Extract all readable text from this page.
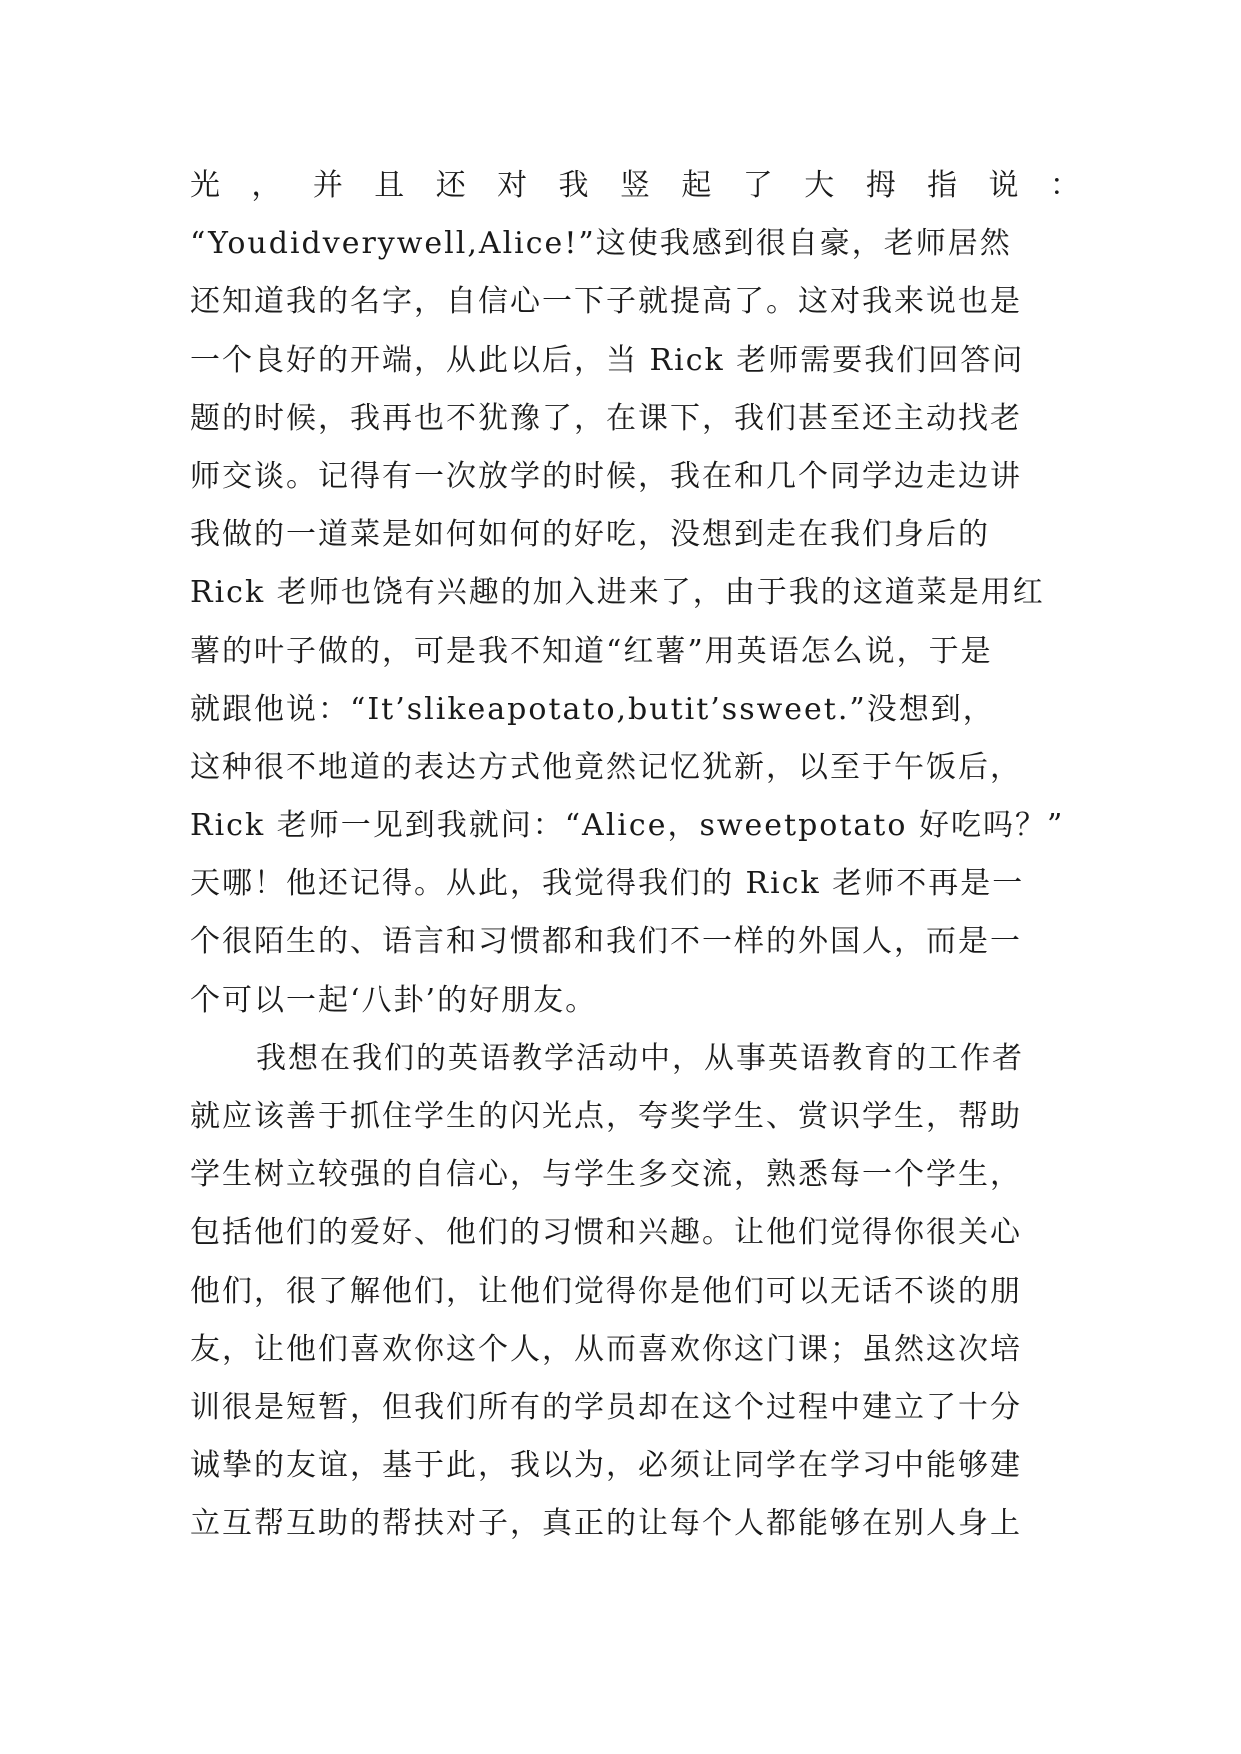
光 ， 并 且 还 对 我 竖 起 了 大 拇 指 说 ：
“Youdidverywell,Alice!”这使我感到很自豪，老师居然
还知道我的名字，自信心一下子就提高了。这对我来说也是
一个良好的开端，从此以后，当 Rick 老师需要我们回答问
题的时候，我再也不犹豫了，在课下，我们甚至还主动找老
师交谈。记得有一次放学的时候，我在和几个同学边走边讲
我做的一道菜是如何如何的好吃，没想到走在我们身后的
Rick 老师也饶有兴趣的加入进来了，由于我的这道菜是用红
薯的叶子做的，可是我不知道“红薯”用英语怎么说，于是
就跟他说：“It’slikeapotato,butit’ssweet.”没想到，
这种很不地道的表达方式他竟然记忆犹新，以至于午饭后，
Rick 老师一见到我就问：“Alice，sweetpotato 好吃吗？”
天哪！他还记得。从此，我觉得我们的 Rick 老师不再是一
个很陌生的、语言和习惯都和我们不一样的外国人，而是一
个可以一起‘八卦’的好朋友。
我想在我们的英语教学活动中，从事英语教育的工作者
就应该善于抓住学生的闪光点，夸奖学生、赏识学生，帮助
学生树立较强的自信心，与学生多交流，熟悉每一个学生，
包括他们的爱好、他们的习惯和兴趣。让他们觉得你很关心
他们，很了解他们，让他们觉得你是他们可以无话不谈的朋
友，让他们喜欢你这个人，从而喜欢你这门课；虽然这次培
训很是短暂，但我们所有的学员却在这个过程中建立了十分
诚挚的友谊，基于此，我以为，必须让同学在学习中能够建
立互帮互助的帮扶对子，真正的让每个人都能够在别人身上
